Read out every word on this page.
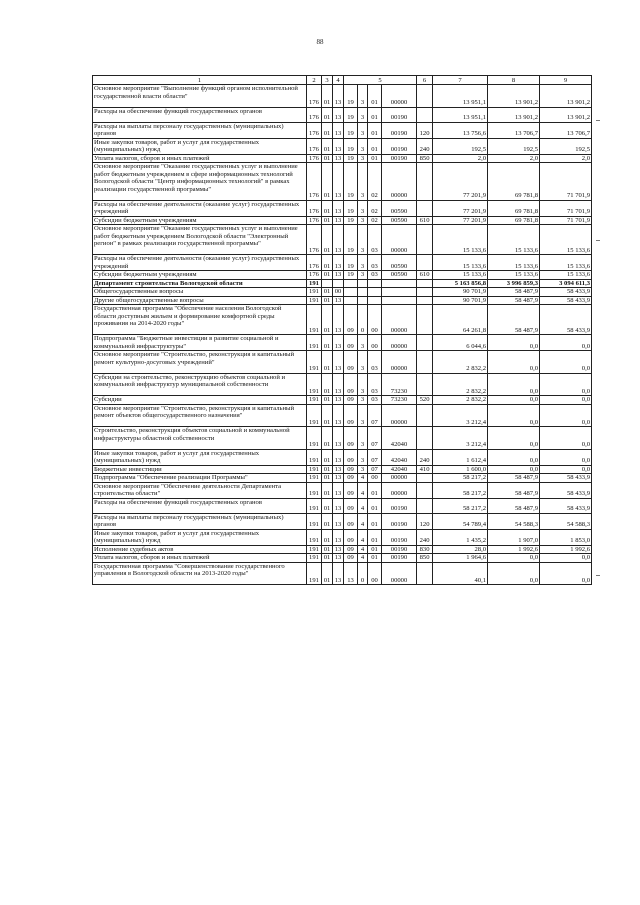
88
1	2	3	4	5				6	7	8	9
Основное мероприятие "Выполнение функций органом исполнительной государственной власти области"	176	01	13	19	3	01	00000		13 951,1	13 901,2	13 901,2
Расходы на обеспечение функций государственных органов	176	01	13	19	3	01	00190		13 951,1	13 901,2	13 901,2
Расходы на выплаты персоналу государственных (муниципальных) органов	176	01	13	19	3	01	00190	120	13 756,6	13 706,7	13 706,7
Иные закупки товаров, работ и услуг для государственных (муниципальных) нужд	176	01	13	19	3	01	00190	240	192,5	192,5	192,5
Уплата налогов, сборов и иных платежей	176	01	13	19	3	01	00190	850	2,0	2,0	2,0
Основное мероприятие "Оказание государственных услуг и выполнение работ бюджетным учреждением в сфере информационных технологий Вологодской области "Центр информационных технологий" в рамках реализации государственной программы"	176	01	13	19	3	02	00000		77 201,9	69 781,8	71 701,9
Расходы на обеспечение деятельности (оказание услуг) государственных учреждений	176	01	13	19	3	02	00590		77 201,9	69 781,8	71 701,9
Субсидии бюджетным учреждениям	176	01	13	19	3	02	00590	610	77 201,9	69 781,8	71 701,9
Основное мероприятие "Оказание государственных услуг и выполнение работ бюджетным учреждением Вологодской области "Электронный регион" в рамках реализации государственной программы"	176	01	13	19	3	03	00000		15 133,6	15 133,6	15 133,6
Расходы на обеспечение деятельности (оказание услуг) государственных учреждений	176	01	13	19	3	03	00590		15 133,6	15 133,6	15 133,6
Субсидии бюджетным учреждениям	176	01	13	19	3	03	00590	610	15 133,6	15 133,6	15 133,6
Департамент строительства Вологодской области	191								5 163 856,8	3 996 859,3	3 094 611,3
Общегосударственные вопросы	191	01	00						90 701,9	58 487,9	58 433,9
Другие общегосударственные вопросы	191	01	13						90 701,9	58 487,9	58 433,9
Государственная программа "Обеспечение населения Вологодской области доступным жильем и формирование комфортной среды проживания на 2014-2020 годы"	191	01	13	09	0	00	00000		64 261,8	58 487,9	58 433,9
Подпрограмма "Бюджетные инвестиции в развитие социальной и коммунальной инфраструктуры"	191	01	13	09	3	00	00000		6 044,6	0,0	0,0
Основное мероприятие "Строительство, реконструкция и капитальный ремонт культурно-досуговых учреждений"	191	01	13	09	3	03	00000		2 832,2	0,0	0,0
Субсидии на строительство, реконструкцию объектов социальной и коммунальной инфраструктур муниципальной собственности	191	01	13	09	3	03	73230		2 832,2	0,0	0,0
Субсидии	191	01	13	09	3	03	73230	520	2 832,2	0,0	0,0
Основное мероприятие "Строительство, реконструкция и капитальный ремонт объектов общегосударственного назначения"	191	01	13	09	3	07	00000		3 212,4	0,0	0,0
Строительство, реконструкция объектов социальной и коммунальной инфраструктуры областной собственности	191	01	13	09	3	07	42040		3 212,4	0,0	0,0
Иные закупки товаров, работ и услуг для государственных (муниципальных) нужд	191	01	13	09	3	07	42040	240	1 612,4	0,0	0,0
Бюджетные инвестиции	191	01	13	09	3	07	42040	410	1 600,0	0,0	0,0
Подпрограмма "Обеспечение реализации Программы"	191	01	13	09	4	00	00000		58 217,2	58 487,9	58 433,9
Основное мероприятие "Обеспечение деятельности Департамента строительства области"	191	01	13	09	4	01	00000		58 217,2	58 487,9	58 433,9
Расходы на обеспечение функций государственных органов	191	01	13	09	4	01	00190		58 217,2	58 487,9	58 433,9
Расходы на выплаты персоналу государственных (муниципальных) органов	191	01	13	09	4	01	00190	120	54 789,4	54 588,3	54 588,3
Иные закупки товаров, работ и услуг для государственных (муниципальных) нужд	191	01	13	09	4	01	00190	240	1 435,2	1 907,0	1 853,0
Исполнение судебных актов	191	01	13	09	4	01	00190	830	28,0	1 992,6	1 992,6
Уплата налогов, сборов и иных платежей	191	01	13	09	4	01	00190	850	1 964,6	0,0	0,0
Государственная программа "Совершенствование государственного управления в Вологодской области на 2013-2020 годы"	191	01	13	13	0	00	00000		40,1	0,0	0,0
